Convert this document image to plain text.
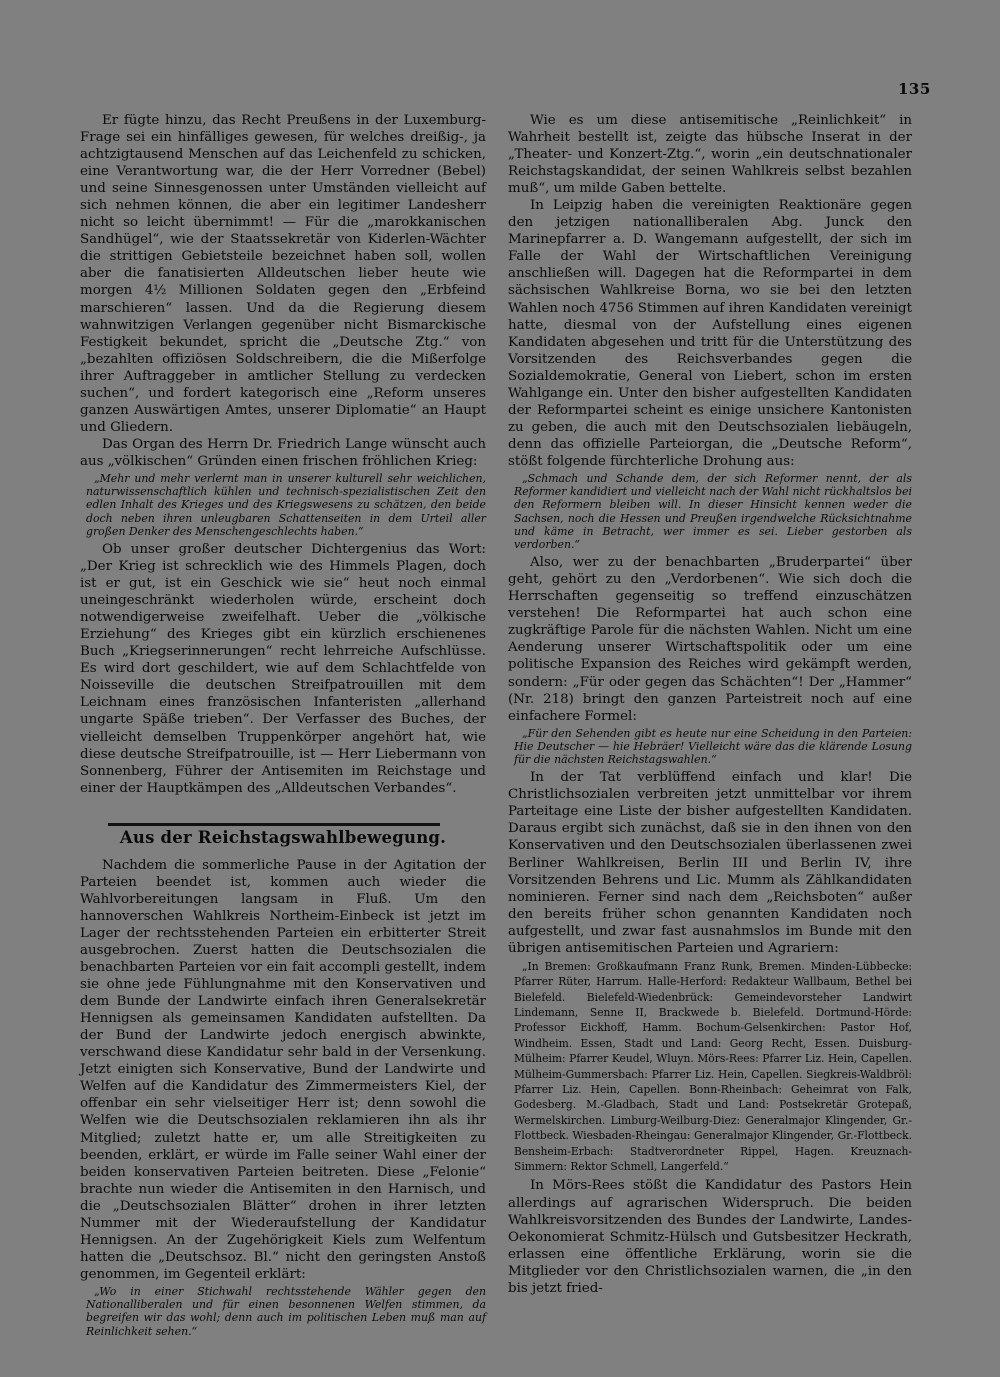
135

Er fügte hinzu, das Recht Preußens in der Luxemburg-Frage sei ein hinfälliges gewesen, für welches dreißig-, ja achtzigtausend Menschen auf das Leichenfeld zu schicken, eine Verantwortung war, die der Herr Vorredner (Bebel) und seine Sinnesgenossen unter Umständen vielleicht auf sich nehmen können, die aber ein legitimer Landesherr nicht so leicht übernimmt! — Für die „marokkanischen Sandhügel“, wie der Staatssekretär von Kiderlen-Wächter die strittigen Gebietsteile bezeichnet haben soll, wollen aber die fanatisierten Alldeutschen lieber heute wie morgen 4½ Millionen Soldaten gegen den „Erbfeind marschieren“ lassen. Und da die Regierung diesem wahnwitzigen Verlangen gegenüber nicht Bismarckische Festigkeit bekundet, spricht die „Deutsche Ztg.“ von „bezahlten offiziösen Soldschreibern, die die Mißerfolge ihrer Auftraggeber in amtlicher Stellung zu verdecken suchen“, und fordert kategorisch eine „Reform unseres ganzen Auswärtigen Amtes, unserer Diplomatie“ an Haupt und Gliedern.

Das Organ des Herrn Dr. Friedrich Lange wünscht auch aus „völkischen“ Gründen einen frischen fröhlichen Krieg:

„Mehr und mehr verlernt man in unserer kulturell sehr weichlichen, naturwissenschaftlich kühlen und technisch-spezialistischen Zeit den edlen Inhalt des Krieges und des Kriegswesens zu schätzen, den beide doch neben ihren unleugbaren Schattenseiten in dem Urteil aller großen Denker des Menschengeschlechts haben.“

Ob unser großer deutscher Dichtergenius das Wort: „Der Krieg ist schrecklich wie des Himmels Plagen, doch ist er gut, ist ein Geschick wie sie“ heut noch einmal uneingeschränkt wiederholen würde, erscheint doch notwendigerweise zweifelhaft. Ueber die „völkische Erziehung“ des Krieges gibt ein kürzlich erschienenes Buch „Kriegserinnerungen“ recht lehrreiche Aufschlüsse. Es wird dort geschildert, wie auf dem Schlachtfelde von Noisseville die deutschen Streifpatrouillen mit dem Leichnam eines französischen Infanteristen „allerhand ungarte Späße trieben“. Der Verfasser des Buches, der vielleicht demselben Truppenkörper angehört hat, wie diese deutsche Streifpatrouille, ist — Herr Liebermann von Sonnenberg, Führer der Antisemiten im Reichstage und einer der Hauptkämpen des „Alldeutschen Verbandes“.

Aus der Reichstagswahlbewegung.

Nachdem die sommerliche Pause in der Agitation der Parteien beendet ist, kommen auch wieder die Wahlvorbereitungen langsam in Fluß. Um den hannoverschen Wahlkreis Northeim-Einbeck ist jetzt im Lager der rechtsstehenden Parteien ein erbitterter Streit ausgebrochen. Zuerst hatten die Deutschsozialen die benachbarten Parteien vor ein fait accompli gestellt, indem sie ohne jede Fühlungnahme mit den Konservativen und dem Bunde der Landwirte einfach ihren Generalsekretär Hennigsen als gemeinsamen Kandidaten aufstellten. Da der Bund der Landwirte jedoch energisch abwinkte, verschwand diese Kandidatur sehr bald in der Versenkung. Jetzt einigten sich Konservative, Bund der Landwirte und Welfen auf die Kandidatur des Zimmermeisters Kiel, der offenbar ein sehr vielseitiger Herr ist; denn sowohl die Welfen wie die Deutschsozialen reklamieren ihn als ihr Mitglied; zuletzt hatte er, um alle Streitigkeiten zu beenden, erklärt, er würde im Falle seiner Wahl einer der beiden konservativen Parteien beitreten. Diese „Felonie“ brachte nun wieder die Antisemiten in den Harnisch, und die „Deutschsozialen Blätter“ drohen in ihrer letzten Nummer mit der Wiederaufstellung der Kandidatur Hennigsen. An der Zugehörigkeit Kiels zum Welfentum hatten die „Deutschsoz. Bl.“ nicht den geringsten Anstoß genommen, im Gegenteil erklärt:

„Wo in einer Stichwahl rechtsstehende Wähler gegen den Nationalliberalen und für einen besonnenen Welfen stimmen, da begreifen wir das wohl; denn auch im politischen Leben muß man auf Reinlichkeit sehen.“

Wie es um diese antisemitische „Reinlichkeit“ in Wahrheit bestellt ist, zeigte das hübsche Inserat in der „Theater- und Konzert-Ztg.“, worin „ein deutschnationaler Reichstagskandidat, der seinen Wahlkreis selbst bezahlen muß“, um milde Gaben bettelte.

In Leipzig haben die vereinigten Reaktionäre gegen den jetzigen nationalliberalen Abg. Junck den Marinepfarrer a. D. Wangemann aufgestellt, der sich im Falle der Wahl der Wirtschaftlichen Vereinigung anschließen will. Dagegen hat die Reformpartei in dem sächsischen Wahlkreise Borna, wo sie bei den letzten Wahlen noch 4756 Stimmen auf ihren Kandidaten vereinigt hatte, diesmal von der Aufstellung eines eigenen Kandidaten abgesehen und tritt für die Unterstützung des Vorsitzenden des Reichsverbandes gegen die Sozialdemokratie, General von Liebert, schon im ersten Wahlgange ein. Unter den bisher aufgestellten Kandidaten der Reformpartei scheint es einige unsichere Kantonisten zu geben, die auch mit den Deutschsozialen liebäugeln, denn das offizielle Parteiorgan, die „Deutsche Reform“, stößt folgende fürchterliche Drohung aus:

„Schmach und Schande dem, der sich Reformer nennt, der als Reformer kandidiert und vielleicht nach der Wahl nicht rückhaltslos bei den Reformern bleiben will. In dieser Hinsicht kennen weder die Sachsen, noch die Hessen und Preußen irgendwelche Rücksichtnahme und käme in Betracht, wer immer es sei. Lieber gestorben als verdorben.“

Also, wer zu der benachbarten „Bruderpartei“ über geht, gehört zu den „Verdorbenen“. Wie sich doch die Herrschaften gegenseitig so treffend einzuschätzen verstehen! Die Reformpartei hat auch schon eine zugkräftige Parole für die nächsten Wahlen. Nicht um eine Aenderung unserer Wirtschaftspolitik oder um eine politische Expansion des Reiches wird gekämpft werden, sondern: „Für oder gegen das Schächten“! Der „Hammer“ (Nr. 218) bringt den ganzen Parteistreit noch auf eine einfachere Formel:

„Für den Sehenden gibt es heute nur eine Scheidung in den Parteien: Hie Deutscher — hie Hebräer! Vielleicht wäre das die klärende Losung für die nächsten Reichstagswahlen.“

In der Tat verblüffend einfach und klar! Die Christlichsozialen verbreiten jetzt unmittelbar vor ihrem Parteitage eine Liste der bisher aufgestellten Kandidaten. Daraus ergibt sich zunächst, daß sie in den ihnen von den Konservativen und den Deutschsozialen überlassenen zwei Berliner Wahlkreisen, Berlin III und Berlin IV, ihre Vorsitzenden Behrens und Lic. Mumm als Zählkandidaten nominieren. Ferner sind nach dem „Reichsboten“ außer den bereits früher schon genannten Kandidaten noch aufgestellt, und zwar fast ausnahmslos im Bunde mit den übrigen antisemitischen Parteien und Agrariern:

„In Bremen: Großkaufmann Franz Runk, Bremen. Minden-Lübbecke: Pfarrer Rüter, Harrum. Halle-Herford: Redakteur Wallbaum, Bethel bei Bielefeld. Bielefeld-Wiedenbrück: Gemeindevorsteher Landwirt Lindemann, Senne II, Brackwede b. Bielefeld. Dortmund-Hörde: Professor Eickhoff, Hamm. Bochum-Gelsenkirchen: Pastor Hof, Windheim. Essen, Stadt und Land: Georg Recht, Essen. Duisburg-Mülheim: Pfarrer Keudel, Wluyn. Mörs-Rees: Pfarrer Liz. Hein, Capellen. Mülheim-Gummersbach: Pfarrer Liz. Hein, Capellen. Siegkreis-Waldbröl: Pfarrer Liz. Hein, Capellen. Bonn-Rheinbach: Geheimrat von Falk, Godesberg. M.-Gladbach, Stadt und Land: Postsekretär Grotepaß, Wermelskirchen. Limburg-Weilburg-Diez: Generalmajor Klingender, Gr.-Flottbeck. Wiesbaden-Rheingau: Generalmajor Klingender, Gr.-Flottbeck. Bensheim-Erbach: Stadtverordneter Rippel, Hagen. Kreuznach-Simmern: Rektor Schmell, Langerfeld.“

In Mörs-Rees stößt die Kandidatur des Pastors Hein allerdings auf agrarischen Widerspruch. Die beiden Wahlkreisvorsitzenden des Bundes der Landwirte, Landes-Oekonomierat Schmitz-Hülsch und Gutsbesitzer Heckrath, erlassen eine öffentliche Erklärung, worin sie die Mitglieder vor den Christlichsozialen warnen, die „in den bis jetzt fried-
